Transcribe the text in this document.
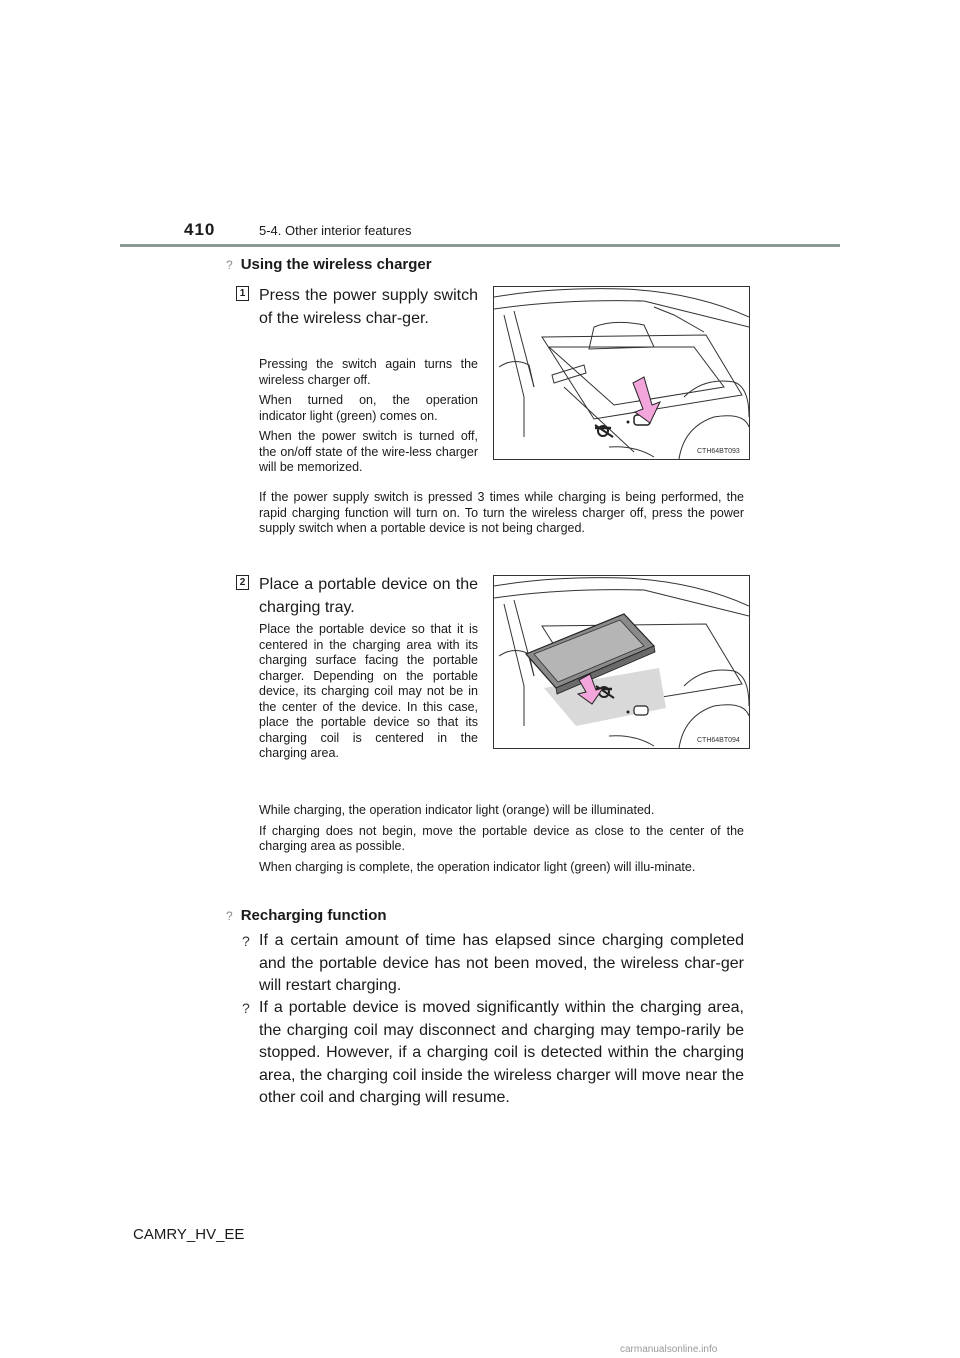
410	5-4. Other interior features
? Using the wireless charger
1 Press the power supply switch of the wireless char-ger.

Pressing the switch again turns the wireless charger off.

When turned on, the operation indicator light (green) comes on.

When the power switch is turned off, the on/off state of the wire-less charger will be memorized.

CTH64BT093
If the power supply switch is pressed 3 times while charging is being performed, the rapid charging function will turn on. To turn the wireless charger off, press the power supply switch when a portable device is not being charged.
2 Place a portable device on the charging tray.
Place the portable device so that it is centered in the charging area with its charging surface facing the portable charger. Depending on the portable device, its charging coil may not be in the center of the device. In this case, place the portable device so that its charging coil is centered in the charging area.
CTH64BT094

While charging, the operation indicator light (orange) will be illuminated.

If charging does not begin, move the portable device as close to the center of the charging area as possible.

When charging is complete, the operation indicator light (green) will illu-minate.

? Recharging function
? If a certain amount of time has elapsed since charging completed and the portable device has not been moved, the wireless char-ger will restart charging.
? If a portable device is moved significantly within the charging area, the charging coil may disconnect and charging may tempo-rarily be stopped. However, if a charging coil is detected within the charging area, the charging coil inside the wireless charger will move near the other coil and charging will resume.
CAMRY_HV_EE
carmanualsonline.info
